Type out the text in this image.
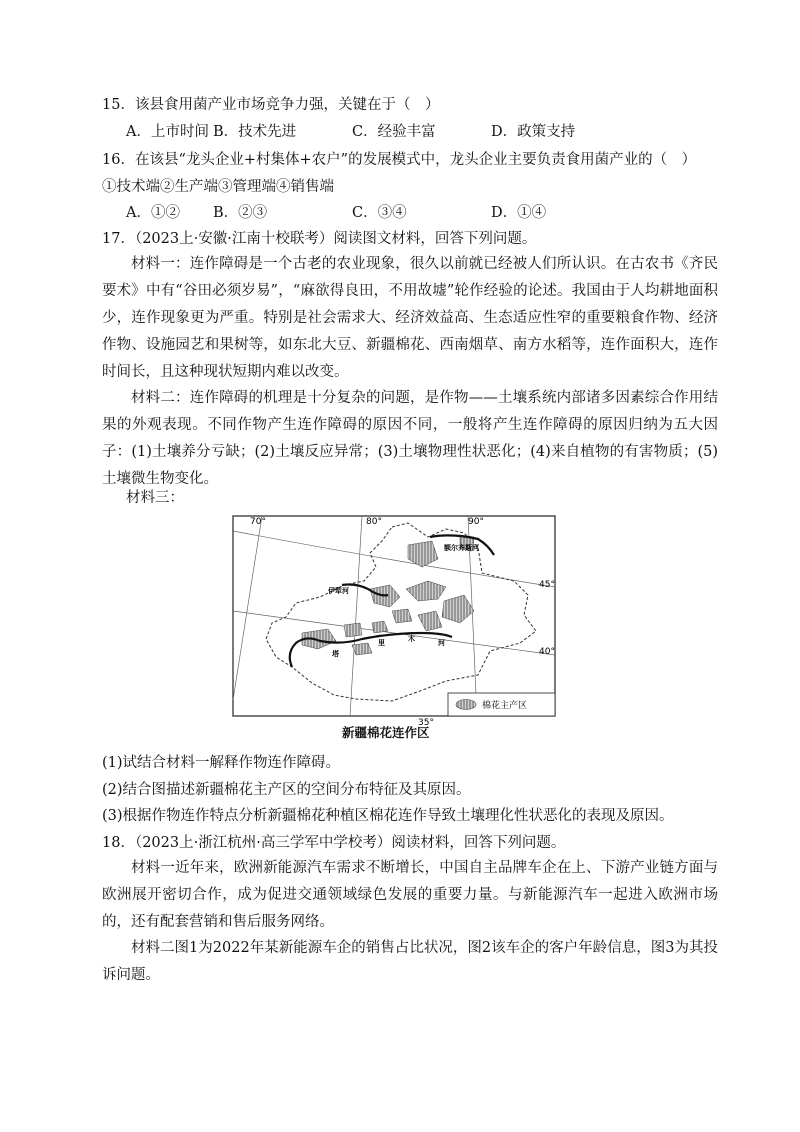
15．该县食用菌产业市场竞争力强，关键在于（　）
A．上市时间 B．技术先进	C．经验丰富	D．政策支持
16．在该县“龙头企业+村集体+农户”的发展模式中，龙头企业主要负责食用菌产业的（　）
①技术端②生产端③管理端④销售端
A．①② B．②③	C．③④	D．①④
17．（2023上·安徽·江南十校联考）阅读图文材料，回答下列问题。
材料一：连作障碍是一个古老的农业现象，很久以前就已经被人们所认识。在古农书《齐民要术》中有“谷田必须岁易”，“麻欲得良田，不用故墟”轮作经验的论述。我国由于人均耕地面积少，连作现象更为严重。特别是社会需求大、经济效益高、生态适应性窄的重要粮食作物、经济作物、设施园艺和果树等，如东北大豆、新疆棉花、西南烟草、南方水稻等，连作面积大，连作时间长，且这种现状短期内难以改变。
材料二：连作障碍的机理是十分复杂的问题，是作物——土壤系统内部诸多因素综合作用结果的外观表现。不同作物产生连作障碍的原因不同，一般将产生连作障碍的原因归纳为五大因子：(1)土壤养分亏缺；(2)土壤反应异常；(3)土壤物理性状恶化；(4)来自植物的有害物质；(5)土壤微生物变化。
材料三：
70°	80°	90°
45°
40°
35°
额尔齐斯河
伊犁河
塔
里	木	河
棉花主产区
新疆棉花连作区
(1)试结合材料一解释作物连作障碍。
(2)结合图描述新疆棉花主产区的空间分布特征及其原因。
(3)根据作物连作特点分析新疆棉花种植区棉花连作导致土壤理化性状恶化的表现及原因。
18．（2023上·浙江杭州·高三学军中学校考）阅读材料，回答下列问题。
材料一近年来，欧洲新能源汽车需求不断增长，中国自主品牌车企在上、下游产业链方面与欧洲展开密切合作，成为促进交通领域绿色发展的重要力量。与新能源汽车一起进入欧洲市场的，还有配套营销和售后服务网络。
材料二图1为2022年某新能源车企的销售占比状况，图2该车企的客户年龄信息，图3为其投诉问题。
